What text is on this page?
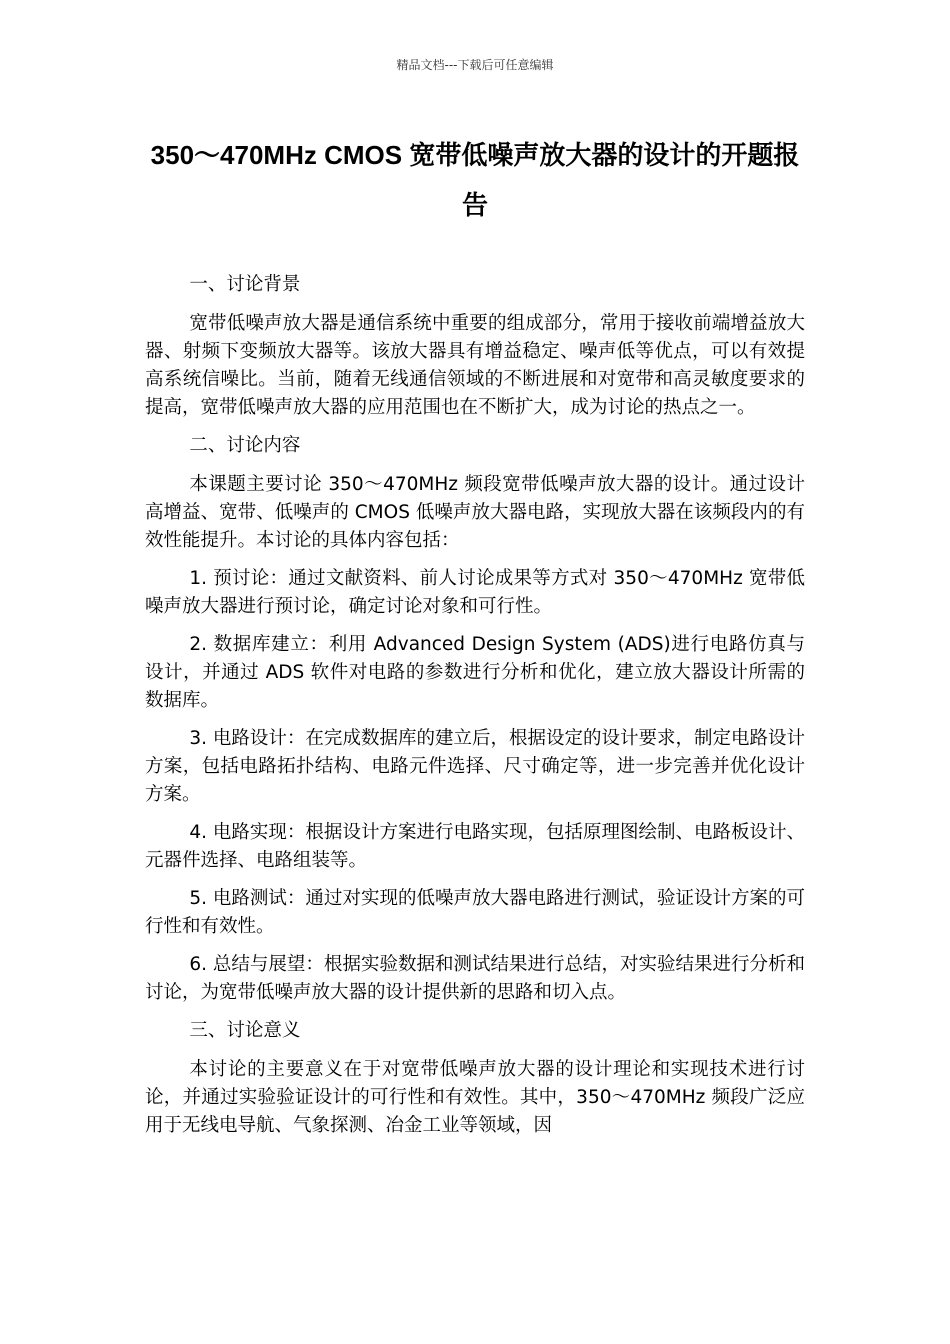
精品文档---下载后可任意编辑
350～470MHz CMOS 宽带低噪声放大器的设计的开题报告

一、讨论背景

宽带低噪声放大器是通信系统中重要的组成部分，常用于接收前端增益放大器、射频下变频放大器等。该放大器具有增益稳定、噪声低等优点，可以有效提高系统信噪比。当前，随着无线通信领域的不断进展和对宽带和高灵敏度要求的提高，宽带低噪声放大器的应用范围也在不断扩大，成为讨论的热点之一。

二、讨论内容

本课题主要讨论 350～470MHz 频段宽带低噪声放大器的设计。通过设计高增益、宽带、低噪声的 CMOS 低噪声放大器电路，实现放大器在该频段内的有效性能提升。本讨论的具体内容包括：

1. 预讨论：通过文献资料、前人讨论成果等方式对 350～470MHz 宽带低噪声放大器进行预讨论，确定讨论对象和可行性。

2. 数据库建立：利用 Advanced Design System (ADS)进行电路仿真与设计，并通过 ADS 软件对电路的参数进行分析和优化，建立放大器设计所需的数据库。

3. 电路设计：在完成数据库的建立后，根据设定的设计要求，制定电路设计方案，包括电路拓扑结构、电路元件选择、尺寸确定等，进一步完善并优化设计方案。

4. 电路实现：根据设计方案进行电路实现，包括原理图绘制、电路板设计、元器件选择、电路组装等。

5. 电路测试：通过对实现的低噪声放大器电路进行测试，验证设计方案的可行性和有效性。

6. 总结与展望：根据实验数据和测试结果进行总结，对实验结果进行分析和讨论，为宽带低噪声放大器的设计提供新的思路和切入点。

三、讨论意义

本讨论的主要意义在于对宽带低噪声放大器的设计理论和实现技术进行讨论，并通过实验验证设计的可行性和有效性。其中，350～470MHz 频段广泛应用于无线电导航、气象探测、冶金工业等领域，因
